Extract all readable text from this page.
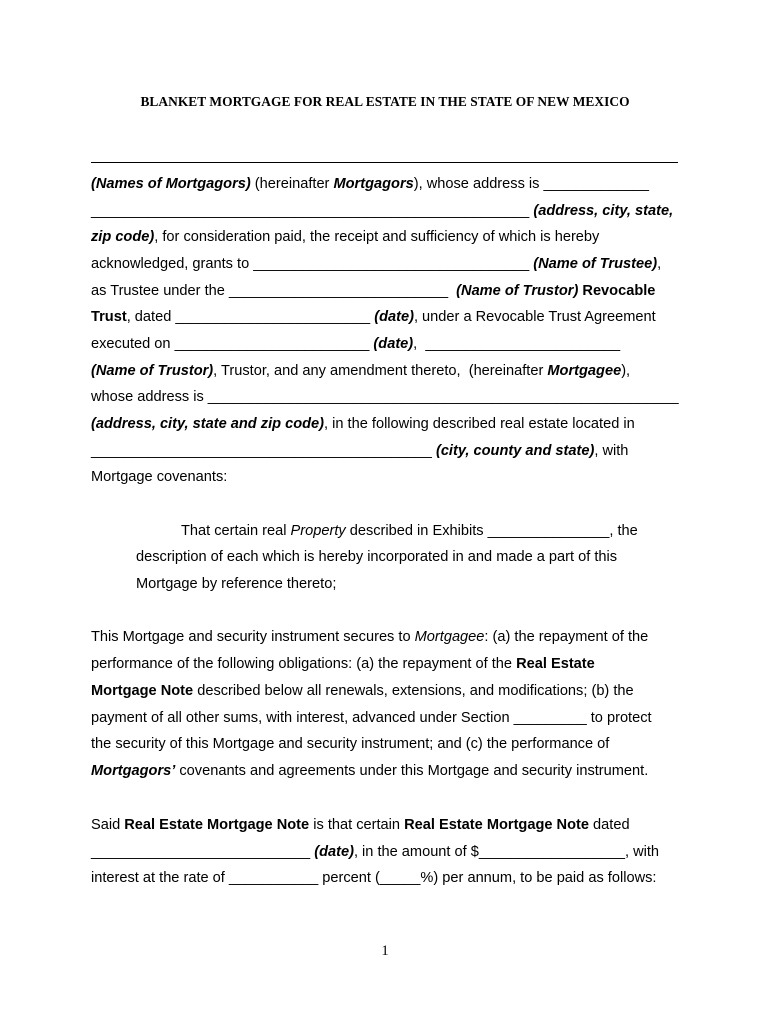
BLANKET MORTGAGE FOR REAL ESTATE IN THE STATE OF NEW MEXICO
(Names of Mortgagors) (hereinafter Mortgagors), whose address is _____________
______________________________________________________ (address, city, state,
zip code), for consideration paid, the receipt and sufficiency of which is hereby
acknowledged, grants to __________________________________ (Name of Trustee),
as Trustee under the ___________________________  (Name of Trustor) Revocable
Trust, dated ________________________ (date), under a Revocable Trust Agreement
executed on ________________________ (date),  ________________________
(Name of Trustor), Trustor, and any amendment thereto,  (hereinafter Mortgagee),
whose address is __________________________________________________________
(address, city, state and zip code), in the following described real estate located in
__________________________________________ (city, county and state), with
Mortgage covenants:
That certain real Property described in Exhibits _______________, the
description of each which is hereby incorporated in and made a part of this
Mortgage by reference thereto;
This Mortgage and security instrument secures to Mortgagee: (a) the repayment of the
performance of the following obligations: (a) the repayment of the Real Estate
Mortgage Note described below all renewals, extensions, and modifications; (b) the
payment of all other sums, with interest, advanced under Section _________ to protect
the security of this Mortgage and security instrument; and (c) the performance of
Mortgagors’ covenants and agreements under this Mortgage and security instrument.
Said Real Estate Mortgage Note is that certain Real Estate Mortgage Note dated
___________________________ (date), in the amount of $__________________, with
interest at the rate of ___________ percent (_____%) per annum, to be paid as follows:
1
